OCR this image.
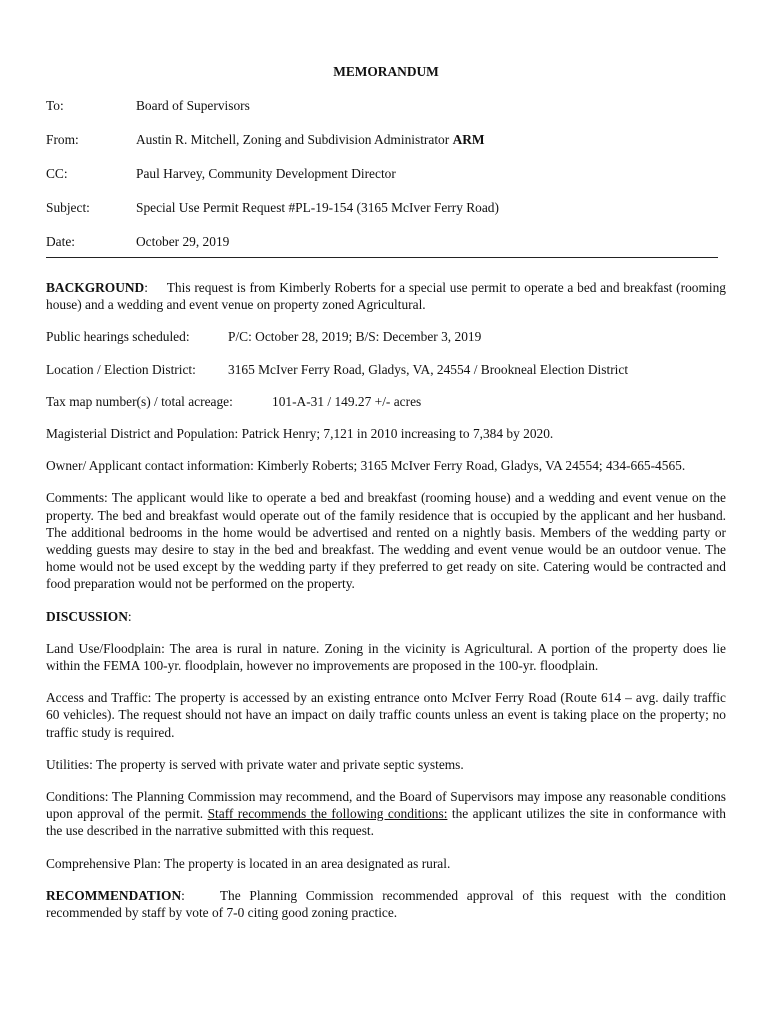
MEMORANDUM
To:	Board of Supervisors
From:	Austin R. Mitchell, Zoning and Subdivision Administrator ARM
CC:	Paul Harvey, Community Development Director
Subject:	Special Use Permit Request #PL-19-154 (3165 McIver Ferry Road)
Date:	October 29, 2019

BACKGROUND:     This request is from Kimberly Roberts for a special use permit to operate a bed and breakfast (rooming house) and a wedding and event venue on property zoned Agricultural.

Public hearings scheduled:	P/C: October 28, 2019; B/S: December 3, 2019
Location / Election District: 3165 McIver Ferry Road, Gladys, VA, 24554 / Brookneal Election District
Tax map number(s) / total acreage:	101-A-31 / 149.27 +/- acres

Magisterial District and Population: Patrick Henry; 7,121 in 2010 increasing to 7,384 by 2020.

Owner/ Applicant contact information: Kimberly Roberts; 3165 McIver Ferry Road, Gladys, VA 24554; 434-665-4565.

Comments: The applicant would like to operate a bed and breakfast (rooming house) and a wedding and event venue on the property. The bed and breakfast would operate out of the family residence that is occupied by the applicant and her husband. The additional bedrooms in the home would be advertised and rented on a nightly basis. Members of the wedding party or wedding guests may desire to stay in the bed and breakfast. The wedding and event venue would be an outdoor venue. The home would not be used except by the wedding party if they preferred to get ready on site. Catering would be contracted and food preparation would not be performed on the property.

DISCUSSION:

Land Use/Floodplain: The area is rural in nature. Zoning in the vicinity is Agricultural. A portion of the property does lie within the FEMA 100-yr. floodplain, however no improvements are proposed in the 100-yr. floodplain.

Access and Traffic: The property is accessed by an existing entrance onto McIver Ferry Road (Route 614 – avg. daily traffic 60 vehicles). The request should not have an impact on daily traffic counts unless an event is taking place on the property; no traffic study is required.

Utilities: The property is served with private water and private septic systems.

Conditions: The Planning Commission may recommend, and the Board of Supervisors may impose any reasonable conditions upon approval of the permit. Staff recommends the following conditions: the applicant utilizes the site in conformance with the use described in the narrative submitted with this request.

Comprehensive Plan: The property is located in an area designated as rural.

RECOMMENDATION:    The Planning Commission recommended approval of this request with the condition recommended by staff by vote of 7-0 citing good zoning practice.
